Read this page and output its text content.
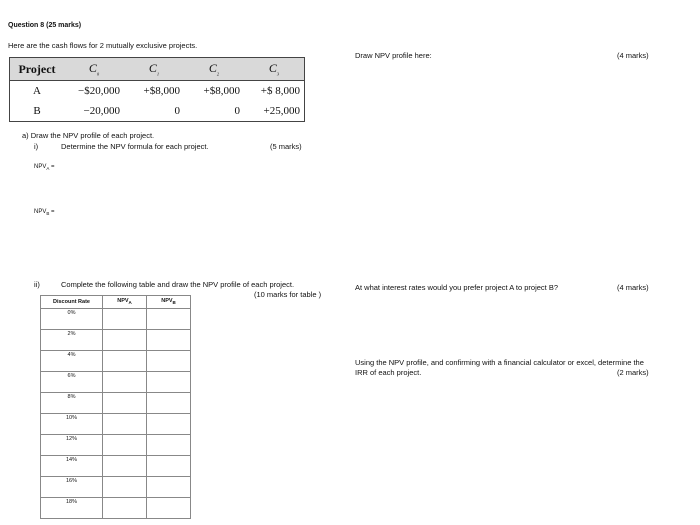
Question 8 (25 marks)
Here are the cash flows for 2 mutually exclusive projects.
Project	$C_0$	$C_1$	$C_2$	$C_3$
A	−$20,000	+$8,000	+$8,000	+$ 8,000
B	−20,000	0	0	+25,000
a) Draw the NPV profile of each project.
i)	Determine the NPV formula for each project.	(5 marks)
$NPV_A$ =
$NPV_B$ =
ii)	Complete the following table and draw the NPV profile of each project.
(10 marks for table )
Discount Rate	$NPV_A$	$NPV_B$
0%		
2%		
4%		
6%		
8%		
10%		
12%		
14%		
16%		
18%		
Draw NPV profile here:	(4 marks)
At what interest rates would you prefer project A to project B?	(4 marks)
Using the NPV profile, and confirming with a financial calculator or excel, determine the IRR of each project.	(2 marks)
